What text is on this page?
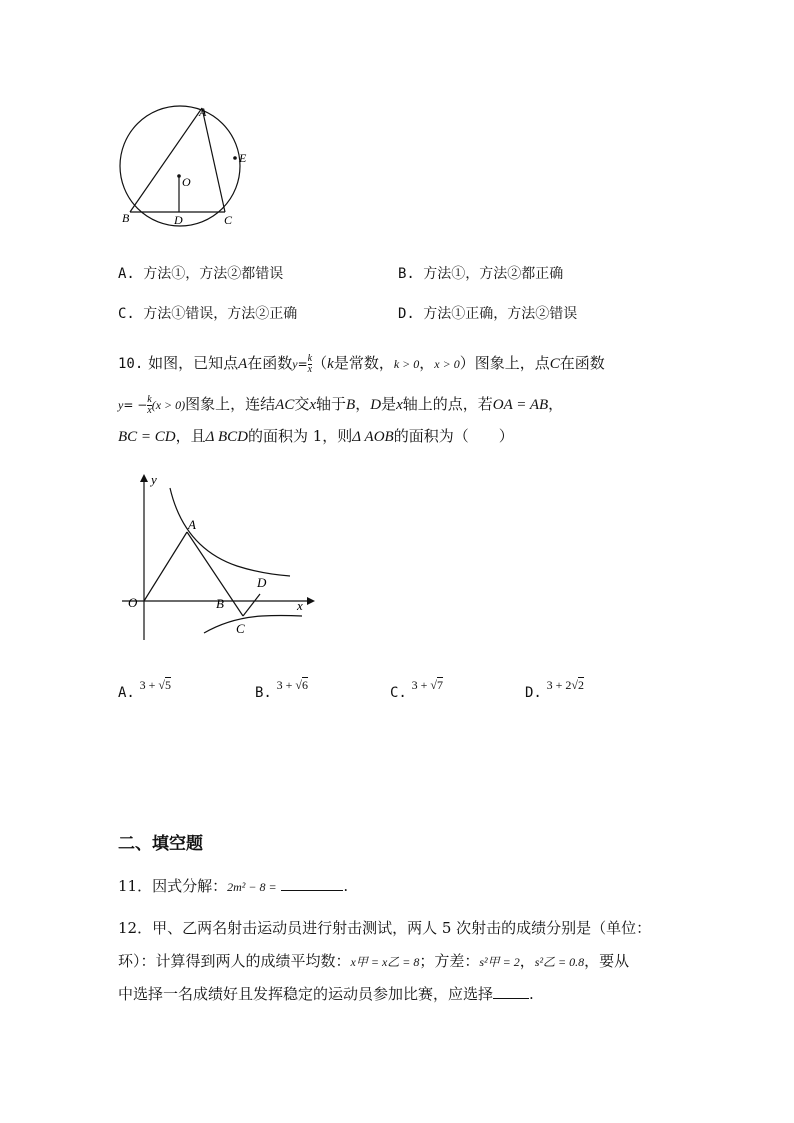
A
E
O
B	D	C
A. 方法①，方法②都错误	B. 方法①，方法②都正确
C. 方法①错误，方法②正确	D. 方法①正确，方法②错误
10. 如图，已知点A在函数$y= \frac{k}{x} (k$是常数，k > 0，x > 0）图象上，点C在函数
$y= - \frac{k}{x} (x > 0)$图象上，连结AC交x轴于B，D是x轴上的点，若OA = AB，
BC = CD，且Δ BCD的面积为 1，则Δ AOB的面积为（　　）
y
x
O
A
B
C
D
A. $^{3 + √5}$	B. $^{3 + √6}$	C. $^{3 + √7}$	D. $^{3 + 2√2}$
二、填空题
11．因式分解：2m² − 8 =	.
12．甲、乙两名射击运动员进行射击测试，两人 5 次射击的成绩分别是（单位：
环）：计算得到两人的成绩平均数：x甲 = x乙 = 8；方差：s²甲 = 2，s²乙 = 0.8，要从
中选择一名成绩好且发挥稳定的运动员参加比赛，应选择 .
